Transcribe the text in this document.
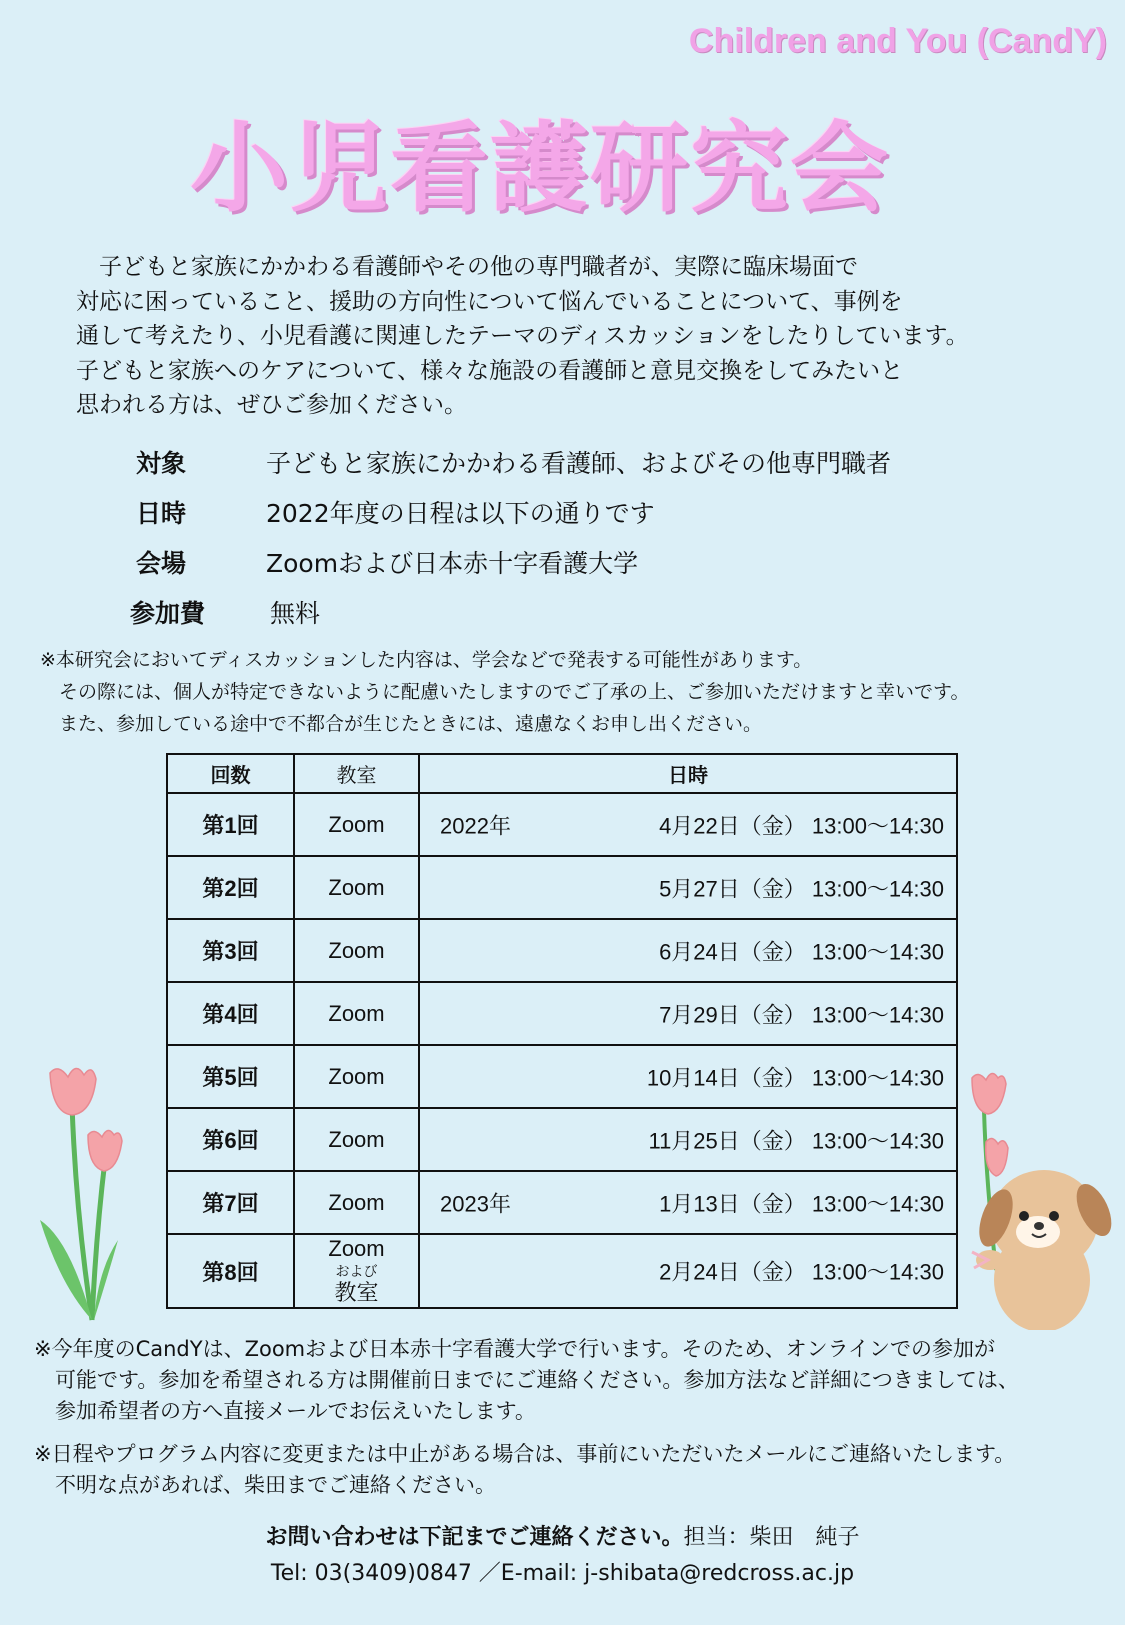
Children and You (CandY)
小児看護研究会

　子どもと家族にかかわる看護師やその他の専門職者が、実際に臨床場面で

対応に困っていること、援助の方向性について悩んでいることについて、事例を

通して考えたり、小児看護に関連したテーマのディスカッションをしたりしています。

子どもと家族へのケアについて、様々な施設の看護師と意見交換をしてみたいと

思われる方は、ぜひご参加ください。

対象	子どもと家族にかかわる看護師、およびその他専門職者
日時	2022年度の日程は以下の通りです
会場	Zoomおよび日本赤十字看護大学
参加費	無料
※本研究会においてディスカッションした内容は、学会などで発表する可能性があります。
　その際には、個人が特定できないように配慮いたしますのでご了承の上、ご参加いただけますと幸いです。
　また、参加している途中で不都合が生じたときには、遠慮なくお申し出ください。
回数	教室	日時
第1回	Zoom	2022年 4月22日（金） 13:00～14:30

第2回	Zoom	5月27日（金） 13:00～14:30

第3回	Zoom	6月24日（金） 13:00～14:30

第4回	Zoom	7月29日（金） 13:00～14:30

第5回	Zoom	10月14日（金） 13:00～14:30

第6回	Zoom	11月25日（金） 13:00～14:30

第7回	Zoom	2023年 1月13日（金） 13:00～14:30

第8回	Zoom
および
教室	2月24日（金） 13:00～14:30
※今年度のCandYは、Zoomおよび日本赤十字看護大学で行います。そのため、オンラインでの参加が
　可能です。参加を希望される方は開催前日までにご連絡ください。参加方法など詳細につきましては、
　参加希望者の方へ直接メールでお伝えいたします。
※日程やプログラム内容に変更または中止がある場合は、事前にいただいたメールにご連絡いたします。
　不明な点があれば、柴田までご連絡ください。
お問い合わせは下記までご連絡ください。担当：柴田　純子
Tel: 03(3409)0847 ／E-mail: j-shibata@redcross.ac.jp
